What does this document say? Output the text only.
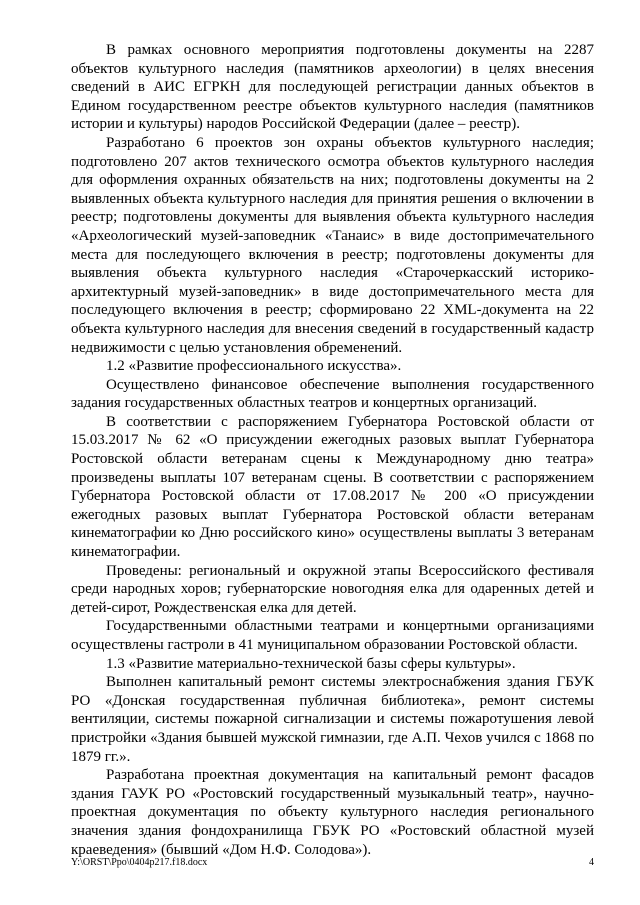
В рамках основного мероприятия подготовлены документы на 2287 объектов культурного наследия (памятников археологии) в целях внесения сведений в АИС ЕГРКН для последующей регистрации данных объектов в Едином государственном реестре объектов культурного наследия (памятников истории и культуры) народов Российской Федерации (далее – реестр).

Разработано 6 проектов зон охраны объектов культурного наследия; подготовлено 207 актов технического осмотра объектов культурного наследия для оформления охранных обязательств на них; подготовлены документы на 2 выявленных объекта культурного наследия для принятия решения о включении в реестр; подготовлены документы для выявления объекта культурного наследия «Археологический музей-заповедник «Танаис» в виде достопримечательного места для последующего включения в реестр; подготовлены документы для выявления объекта культурного наследия «Старочеркасский историко-архитектурный музей-заповедник» в виде достопримечательного места для последующего включения в реестр; сформировано 22 XML-документа на 22 объекта культурного наследия для внесения сведений в государственный кадастр недвижимости с целью установления обременений.

1.2 «Развитие профессионального искусства».

Осуществлено финансовое обеспечение выполнения государственного задания государственных областных театров и концертных организаций.

В соответствии с распоряжением Губернатора Ростовской области от 15.03.2017 № 62 «О присуждении ежегодных разовых выплат Губернатора Ростовской области ветеранам сцены к Международному дню театра» произведены выплаты 107 ветеранам сцены. В соответствии с распоряжением Губернатора Ростовской области от 17.08.2017 № 200 «О присуждении ежегодных разовых выплат Губернатора Ростовской области ветеранам кинематографии ко Дню российского кино» осуществлены выплаты 3 ветеранам кинематографии.

Проведены: региональный и окружной этапы Всероссийского фестиваля среди народных хоров; губернаторские новогодняя елка для одаренных детей и детей-сирот, Рождественская елка для детей.

Государственными областными театрами и концертными организациями осуществлены гастроли в 41 муниципальном образовании Ростовской области.

1.3 «Развитие материально-технической базы сферы культуры».

Выполнен капитальный ремонт системы электроснабжения здания ГБУК РО «Донская государственная публичная библиотека», ремонт системы вентиляции, системы пожарной сигнализации и системы пожаротушения левой пристройки «Здания бывшей мужской гимназии, где А.П. Чехов учился с 1868 по 1879 гг.».

Разработана проектная документация на капитальный ремонт фасадов здания ГАУК РО «Ростовский государственный музыкальный театр», научно-проектная документация по объекту культурного наследия регионального значения здания фондохранилища ГБУК РО «Ростовский областной музей краеведения» (бывший «Дом Н.Ф. Солодова»).

Y:\ORST\Ppo\0404p217.f18.docx	4
